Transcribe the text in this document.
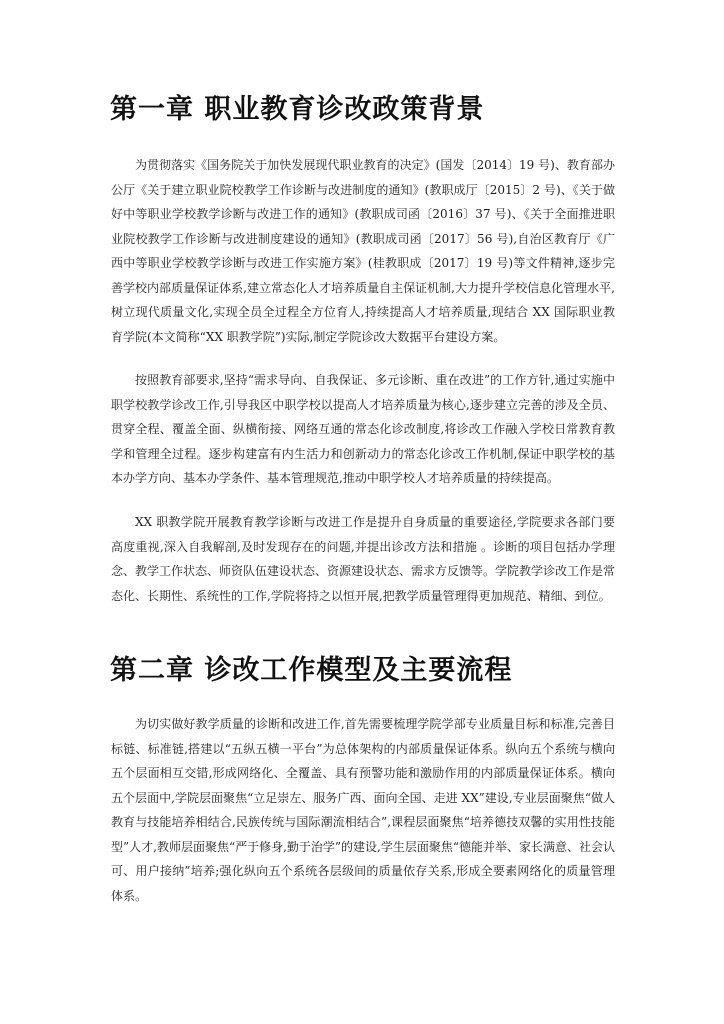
第一章 职业教育诊改政策背景

为贯彻落实《国务院关于加快发展现代职业教育的决定》(国发〔2014〕19 号)、教育部办公厅《关于建立职业院校教学工作诊断与改进制度的通知》(教职成厅〔2015〕2 号)、《关于做好中等职业学校教学诊断与改进工作的通知》(教职成司函〔2016〕37 号)、《关于全面推进职业院校教学工作诊断与改进制度建设的通知》(教职成司函〔2017〕56 号),自治区教育厅《广西中等职业学校教学诊断与改进工作实施方案》(桂教职成〔2017〕19 号)等文件精神,逐步完善学校内部质量保证体系,建立常态化人才培养质量自主保证机制,大力提升学校信息化管理水平,树立现代质量文化,实现全员全过程全方位育人,持续提高人才培养质量,现结合 XX 国际职业教育学院(本文简称“XX 职教学院”)实际,制定学院诊改大数据平台建设方案。

按照教育部要求,坚持“需求导向、自我保证、多元诊断、重在改进”的工作方针,通过实施中职学校教学诊改工作,引导我区中职学校以提高人才培养质量为核心,逐步建立完善的涉及全员、贯穿全程、覆盖全面、纵横衔接、网络互通的常态化诊改制度,将诊改工作融入学校日常教育教学和管理全过程。逐步构建富有内生活力和创新动力的常态化诊改工作机制,保证中职学校的基本办学方向、基本办学条件、基本管理规范,推动中职学校人才培养质量的持续提高。

XX 职教学院开展教育教学诊断与改进工作是提升自身质量的重要途径,学院要求各部门要高度重视,深入自我解剖,及时发现存在的问题,并提出诊改方法和措施 。诊断的项目包括办学理念、教学工作状态、师资队伍建设状态、资源建设状态、需求方反馈等。学院教学诊改工作是常态化、长期性、系统性的工作,学院将持之以恒开展,把教学质量管理得更加规范、精细、到位。

第二章 诊改工作模型及主要流程

为切实做好教学质量的诊断和改进工作,首先需要梳理学院学部专业质量目标和标准,完善目标链、标准链,搭建以“五纵五横一平台”为总体架构的内部质量保证体系。纵向五个系统与横向五个层面相互交错,形成网络化、全覆盖、具有预警功能和激励作用的内部质量保证体系。横向五个层面中,学院层面聚焦“立足崇左、服务广西、面向全国、走进 XX”建设,专业层面聚焦“做人教育与技能培养相结合,民族传统与国际潮流相结合”,课程层面聚焦“培养德技双馨的实用性技能型”人才,教师层面聚焦“严于修身,勤于治学”的建设,学生层面聚焦“德能并举、家长满意、社会认可、用户接纳”培养;强化纵向五个系统各层级间的质量依存关系,形成全要素网络化的质量管理体系。
